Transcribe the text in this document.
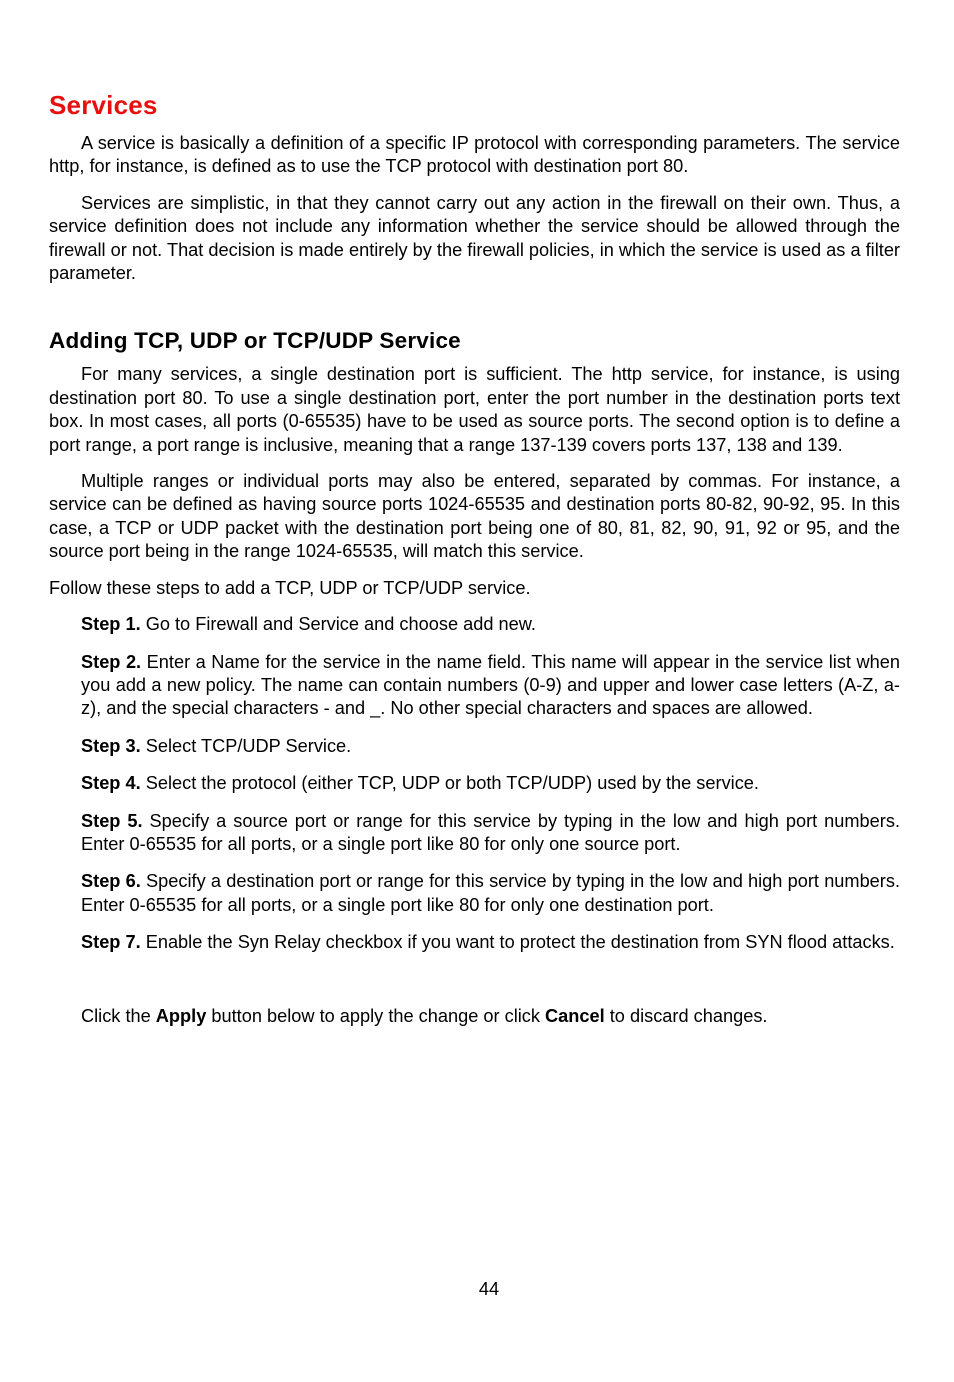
Services

A service is basically a definition of a specific IP protocol with corresponding parameters. The service http, for instance, is defined as to use the TCP protocol with destination port 80.

Services are simplistic, in that they cannot carry out any action in the firewall on their own. Thus, a service definition does not include any information whether the service should be allowed through the firewall or not. That decision is made entirely by the firewall policies, in which the service is used as a filter parameter.

Adding TCP, UDP or TCP/UDP Service

For many services, a single destination port is sufficient. The http service, for instance, is using destination port 80. To use a single destination port, enter the port number in the destination ports text box. In most cases, all ports (0-65535) have to be used as source ports. The second option is to define a port range, a port range is inclusive, meaning that a range 137-139 covers ports 137, 138 and 139.

Multiple ranges or individual ports may also be entered, separated by commas. For instance, a service can be defined as having source ports 1024-65535 and destination ports 80-82, 90-92, 95. In this case, a TCP or UDP packet with the destination port being one of 80, 81, 82, 90, 91, 92 or 95, and the source port being in the range 1024-65535, will match this service.

Follow these steps to add a TCP, UDP or TCP/UDP service.

Step 1. Go to Firewall and Service and choose add new.
Step 2. Enter a Name for the service in the name field. This name will appear in the service list when you add a new policy. The name can contain numbers (0-9) and upper and lower case letters (A-Z, a-z), and the special characters - and _. No other special characters and spaces are allowed.
Step 3. Select TCP/UDP Service.
Step 4. Select the protocol (either TCP, UDP or both TCP/UDP) used by the service.
Step 5. Specify a source port or range for this service by typing in the low and high port numbers. Enter 0-65535 for all ports, or a single port like 80 for only one source port.
Step 6. Specify a destination port or range for this service by typing in the low and high port numbers. Enter 0-65535 for all ports, or a single port like 80 for only one destination port.
Step 7. Enable the Syn Relay checkbox if you want to protect the destination from SYN flood attacks.
Click the Apply button below to apply the change or click Cancel to discard changes.
44
